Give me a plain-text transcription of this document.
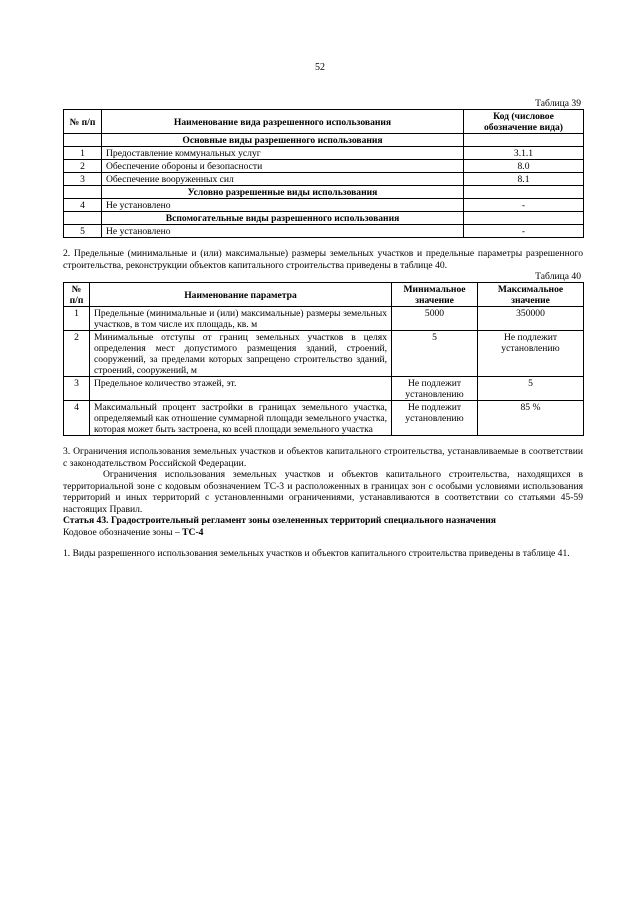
52
Таблица 39
№ п/п	Наименование вида разрешенного использования	Код (числовое обозначение вида)
	Основные виды разрешенного использования	
1	Предоставление коммунальных услуг	3.1.1
2	Обеспечение обороны и безопасности	8.0
3	Обеспечение вооруженных сил	8.1
	Условно разрешенные виды использования	
4	Не установлено	-
	Вспомогательные виды разрешенного использования	
5	Не установлено	-

2. Предельные (минимальные и (или) максимальные) размеры земельных участков и предельные параметры разрешенного строительства, реконструкции объектов капитального строительства приведены в таблице 40.

Таблица 40
№ п/п	Наименование параметра	Минимальное значение	Максимальное значение
1	Предельные (минимальные и (или) максимальные) размеры земельных участков, в том числе их площадь, кв. м	5000	350000
2	Минимальные отступы от границ земельных участков в целях определения мест допустимого размещения зданий, строений, сооружений, за пределами которых запрещено строительство зданий, строений, сооружений, м	5	Не подлежит установлению
3	Предельное количество этажей, эт.	Не подлежит установлению	5
4	Максимальный процент застройки в границах земельного участка, определяемый как отношение суммарной площади земельного участка, которая может быть застроена, ко всей площади земельного участка	Не подлежит установлению	85 %

3. Ограничения использования земельных участков и объектов капитального строительства, устанавливаемые в соответствии с законодательством Российской Федерации.

Ограничения использования земельных участков и объектов капитального строительства, находящихся в территориальной зоне с кодовым обозначением ТС-3 и расположенных в границах зон с особыми условиями использования территорий и иных территорий с установленными ограничениями, устанавливаются в соответствии со статьями 45-59 настоящих Правил.

Статья 43. Градостроительный регламент зоны озелененных территорий специального назначения

Кодовое обозначение зоны – ТС-4

1. Виды разрешенного использования земельных участков и объектов капитального строительства приведены в таблице 41.
